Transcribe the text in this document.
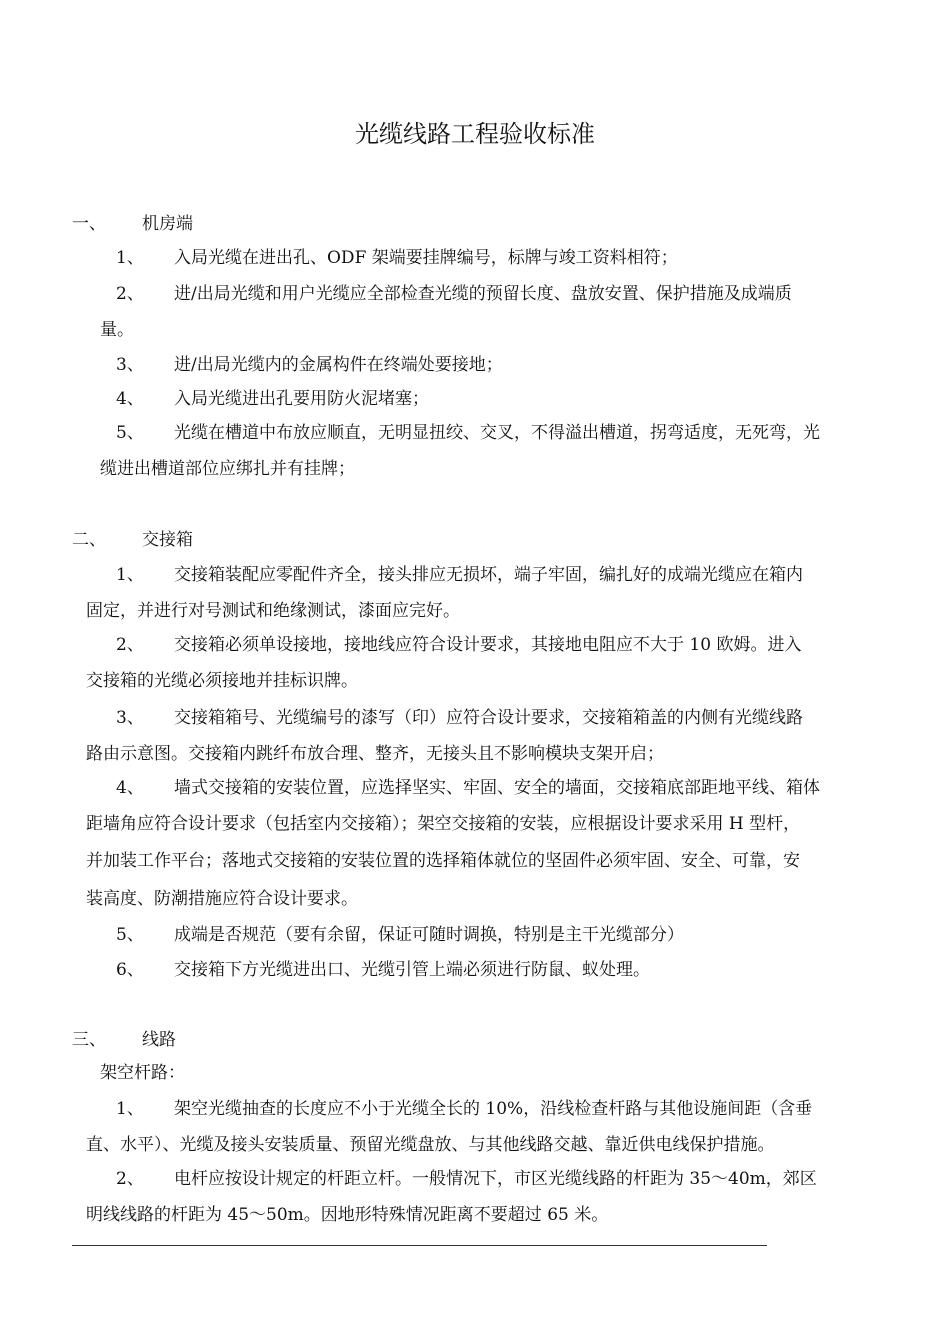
光缆线路工程验收标准
一、 机房端
1、 入局光缆在进出孔、ODF 架端要挂牌编号，标牌与竣工资料相符；
2、 进/出局光缆和用户光缆应全部检查光缆的预留长度、盘放安置、保护措施及成端质
量。
3、 进/出局光缆内的金属构件在终端处要接地；
4、 入局光缆进出孔要用防火泥堵塞；
5、 光缆在槽道中布放应顺直，无明显扭绞、交叉，不得溢出槽道，拐弯适度，无死弯，光
缆进出槽道部位应绑扎并有挂牌；
二、 交接箱
1、 交接箱装配应零配件齐全，接头排应无损坏，端子牢固，编扎好的成端光缆应在箱内
固定，并进行对号测试和绝缘测试，漆面应完好。
2、 交接箱必须单设接地，接地线应符合设计要求，其接地电阻应不大于 10 欧姆。进入
交接箱的光缆必须接地并挂标识牌。
3、 交接箱箱号、光缆编号的漆写（印）应符合设计要求，交接箱箱盖的内侧有光缆线路
路由示意图。交接箱内跳纤布放合理、整齐，无接头且不影响模块支架开启；
4、 墙式交接箱的安装位置，应选择坚实、牢固、安全的墙面，交接箱底部距地平线、箱体
距墙角应符合设计要求（包括室内交接箱）；架空交接箱的安装，应根据设计要求采用 H 型杆，
并加装工作平台；落地式交接箱的安装位置的选择箱体就位的坚固件必须牢固、安全、可靠，安
装高度、防潮措施应符合设计要求。
5、 成端是否规范（要有余留，保证可随时调换，特别是主干光缆部分）
6、 交接箱下方光缆进出口、光缆引管上端必须进行防鼠、蚁处理。
三、 线路
架空杆路：
1、 架空光缆抽查的长度应不小于光缆全长的 10%，沿线检查杆路与其他设施间距（含垂
直、水平）、光缆及接头安装质量、预留光缆盘放、与其他线路交越、靠近供电线保护措施。
2、 电杆应按设计规定的杆距立杆。一般情况下，市区光缆线路的杆距为 35～40m，郊区
明线线路的杆距为 45～50m。因地形特殊情况距离不要超过 65 米。
